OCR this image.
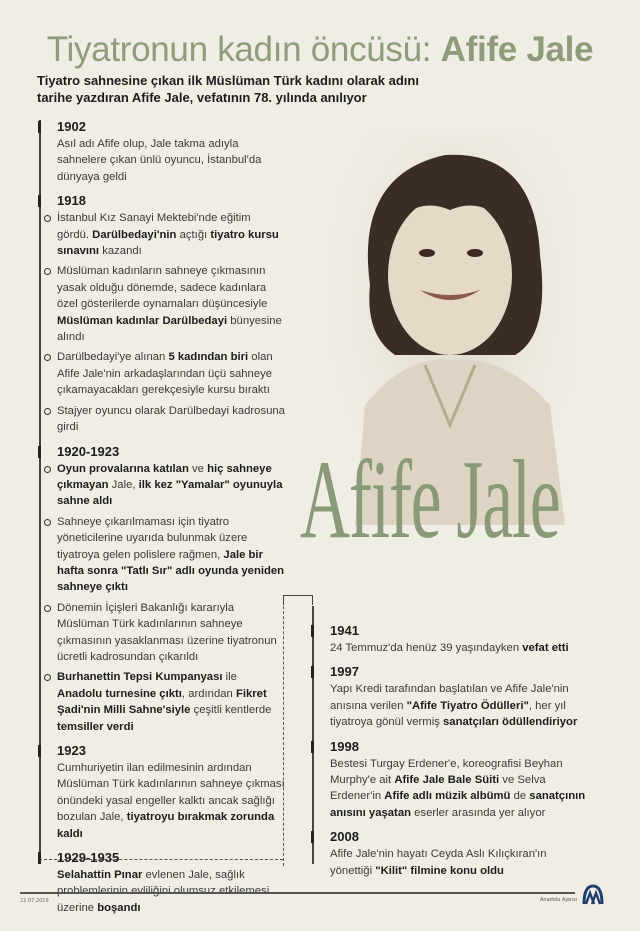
Tiyatronun kadın öncüsü: Afife Jale

Tiyatro sahnesine çıkan ilk Müslüman Türk kadını olarak adını tarihe yazdıran Afife Jale, vefatının 78. yılında anılıyor

Afife Jale
1902

Asıl adı Afife olup, Jale takma adıyla sahnelere çıkan ünlü oyuncu, İstanbul'da dünyaya geldi

1918

İstanbul Kız Sanayi Mektebi'nde eğitim gördü. Darülbedayi'nin açtığı tiyatro kursu sınavını kazandı

Müslüman kadınların sahneye çıkmasının yasak olduğu dönemde, sadece kadınlara özel gösterilerde oynamaları düşüncesiyle Müslüman kadınlar Darülbedayi bünyesine alındı

Darülbedayi'ye alınan 5 kadından biri olan Afife Jale'nin arkadaşlarından üçü sahneye çıkamayacakları gerekçesiyle kursu bıraktı

Stajyer oyuncu olarak Darülbedayi kadrosuna girdi

1920-1923

Oyun provalarına katılan ve hiç sahneye çıkmayan Jale, ilk kez "Yamalar" oyunuyla sahne aldı

Sahneye çıkarılmaması için tiyatro yöneticilerine uyarıda bulunmak üzere tiyatroya gelen polislere rağmen, Jale bir hafta sonra "Tatlı Sır" adlı oyunda yeniden sahneye çıktı

Dönemin İçişleri Bakanlığı kararıyla Müslüman Türk kadınlarının sahneye çıkmasının yasaklanması üzerine tiyatronun ücretli kadrosundan çıkarıldı

Burhanettin Tepsi Kumpanyası ile Anadolu turnesine çıktı, ardından Fikret Şadi'nin Milli Sahne'siyle çeşitli kentlerde temsiller verdi

1923

Cumhuriyetin ilan edilmesinin ardından Müslüman Türk kadınlarının sahneye çıkması önündeki yasal engeller kalktı ancak sağlığı bozulan Jale, tiyatroyu bırakmak zorunda kaldı

1929-1935

Selahattin Pınar evlenen Jale, sağlık üzerine boşandı

1941

24 Temmuz'da henüz 39 yaşındayken vefat etti

1997

Yapı Kredi tarafından başlatılan ve Afife Jale'nin anısına verilen "Afife Tiyatro Ödülleri", her yıl tiyatroya gönül vermiş sanatçıları ödüllendiriyor

1998

Bestesi Turgay Erdener'e, koreografisi Beyhan Murphy'e ait Afife Jale Bale Süiti ve Selva Erdener'in Afife adlı müzik albümü de sanatçının anısını yaşatan eserler arasında yer alıyor

2008

Afife Jale'nin hayatı Ceyda Aslı Kılıçkıran'ın yönettiği "Kilit" filmine konu oldu

22.07.2019	Anadolu Ajansı
